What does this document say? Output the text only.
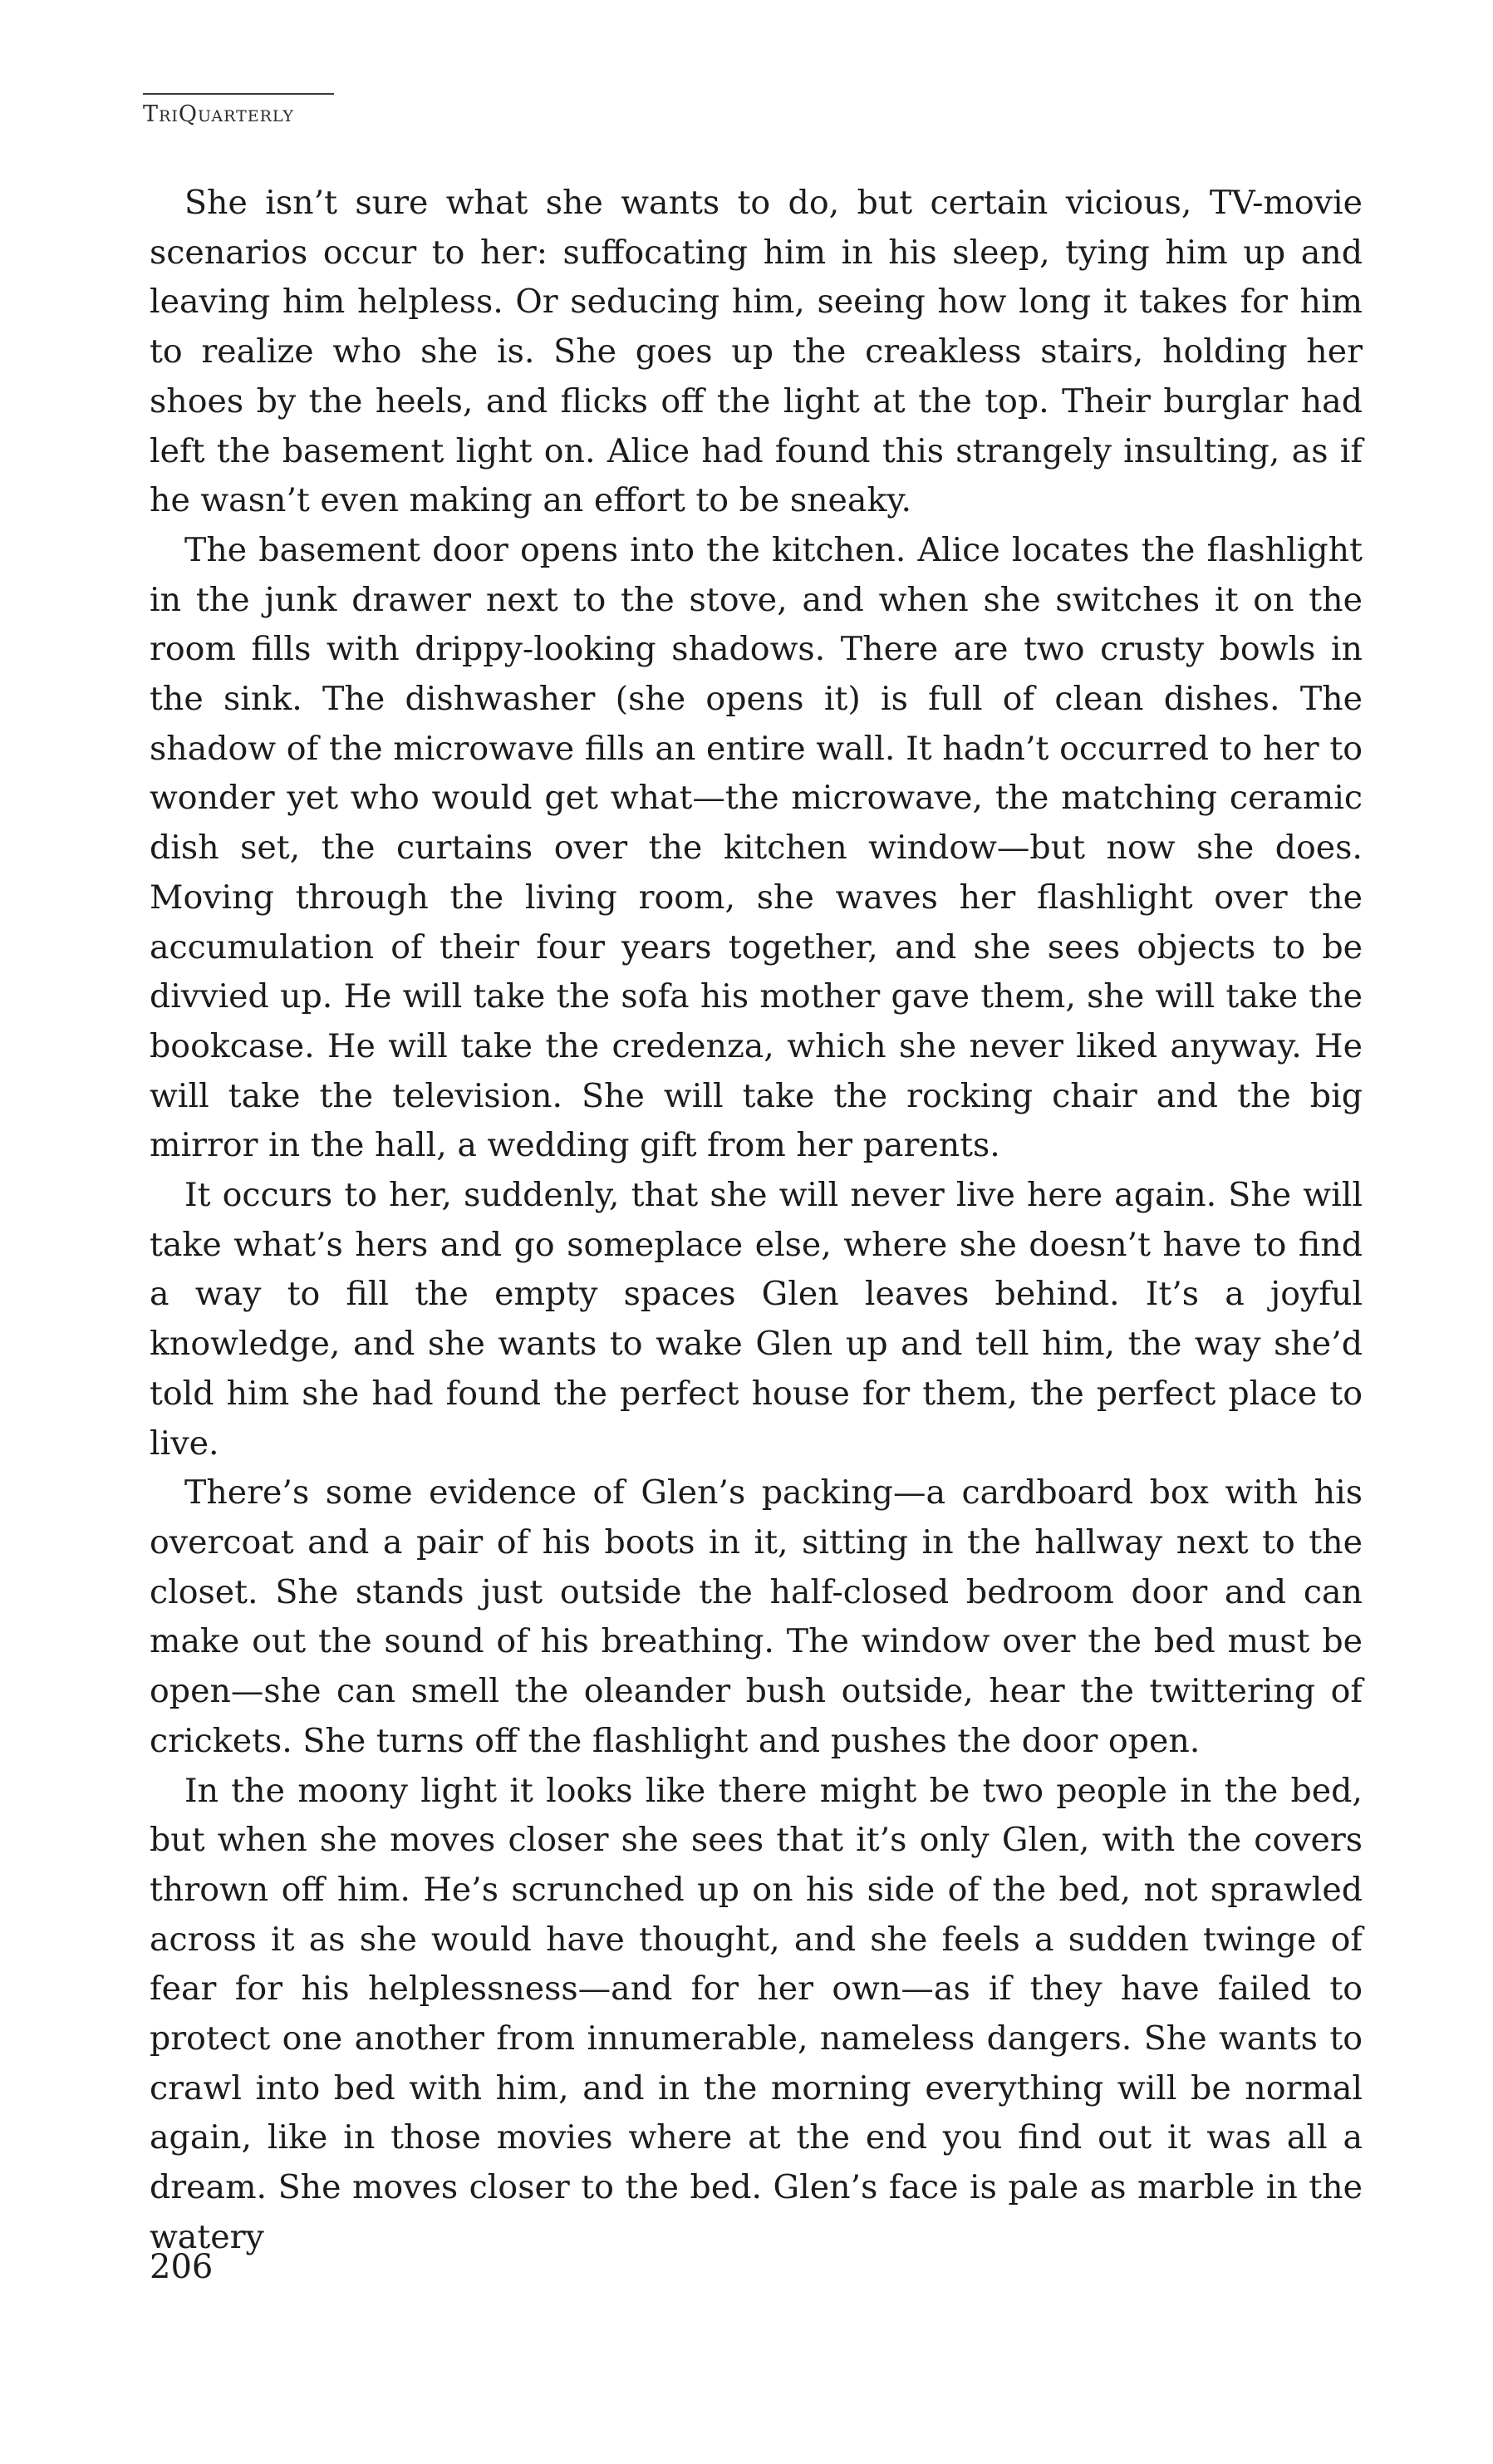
TriQuarterly

She isn’t sure what she wants to do, but certain vicious, TV-movie scenarios occur to her: suffocating him in his sleep, tying him up and leaving him helpless. Or seducing him, seeing how long it takes for him to realize who she is. She goes up the creakless stairs, holding her shoes by the heels, and flicks off the light at the top. Their burglar had left the basement light on. Alice had found this strangely insulting, as if he wasn’t even making an effort to be sneaky.

The basement door opens into the kitchen. Alice locates the flashlight in the junk drawer next to the stove, and when she switches it on the room fills with drippy-looking shadows. There are two crusty bowls in the sink. The dishwasher (she opens it) is full of clean dishes. The shadow of the microwave fills an entire wall. It hadn’t occurred to her to wonder yet who would get what—the microwave, the matching ceramic dish set, the curtains over the kitchen window—but now she does. Moving through the living room, she waves her flashlight over the accumulation of their four years together, and she sees objects to be divvied up. He will take the sofa his mother gave them, she will take the bookcase. He will take the credenza, which she never liked anyway. He will take the television. She will take the rocking chair and the big mirror in the hall, a wedding gift from her parents.

It occurs to her, suddenly, that she will never live here again. She will take what’s hers and go someplace else, where she doesn’t have to find a way to fill the empty spaces Glen leaves behind. It’s a joyful knowledge, and she wants to wake Glen up and tell him, the way she’d told him she had found the perfect house for them, the perfect place to live.

There’s some evidence of Glen’s packing—a cardboard box with his overcoat and a pair of his boots in it, sitting in the hallway next to the closet. She stands just outside the half-closed bedroom door and can make out the sound of his breathing. The window over the bed must be open—she can smell the oleander bush outside, hear the twittering of crickets. She turns off the flashlight and pushes the door open.

In the moony light it looks like there might be two people in the bed, but when she moves closer she sees that it’s only Glen, with the covers thrown off him. He’s scrunched up on his side of the bed, not sprawled across it as she would have thought, and she feels a sudden twinge of fear for his helplessness—and for her own—as if they have failed to protect one another from innumerable, nameless dangers. She wants to crawl into bed with him, and in the morning everything will be normal again, like in those movies where at the end you find out it was all a dream. She moves closer to the bed. Glen’s face is pale as marble in the watery

206
